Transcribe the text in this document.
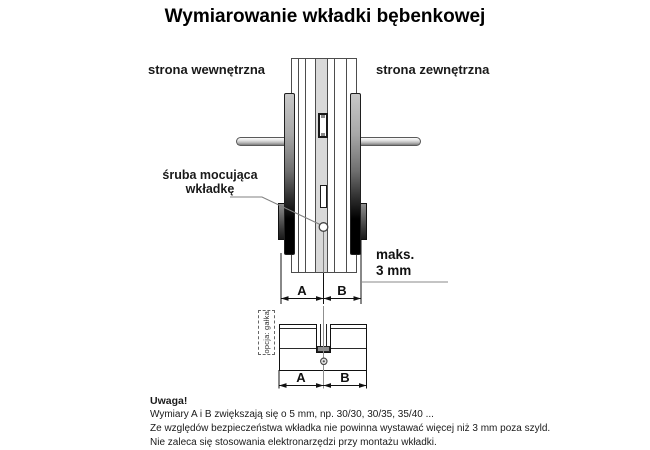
Wymiarowanie wkładki bębenkowej
strona wewnętrzna	strona zewnętrzna
opcja: gałka
śruba mocująca
wkładkę
maks.
3 mm
A	B
A	B
Uwaga!
Wymiary A i B zwiększają się o 5 mm, np. 30/30, 30/35, 35/40 ...
Ze względów bezpieczeństwa wkładka nie powinna wystawać więcej niż 3 mm poza szyld.
Nie zaleca się stosowania elektronarzędzi przy montażu wkładki.
